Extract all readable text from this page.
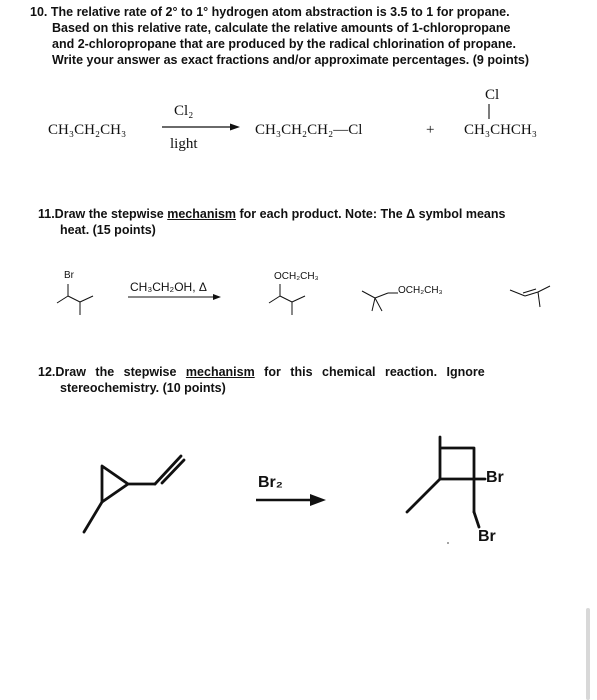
10. The relative rate of 2° to 1° hydrogen atom abstraction is 3.5 to 1 for propane.
Based on this relative rate, calculate the relative amounts of 1-chloropropane
and 2-chloropropane that are produced by the radical chlorination of propane.
Write your answer as exact fractions and/or approximate percentages. (9 points)
CH₃CH₂CH₃
Cl₂
light
CH₃CH₂CH₂—Cl	+
Cl
CH₃CHCH₃
11.Draw the stepwise mechanism for each product. Note: The Δ symbol means
heat. (15 points)
Br
CH₃CH₂OH, Δ
OCH₂CH₃
OCH₂CH₃
12.Draw the stepwise mechanism for this chemical reaction. Ignore
stereochemistry. (10 points)
Br₂	Br
Br
